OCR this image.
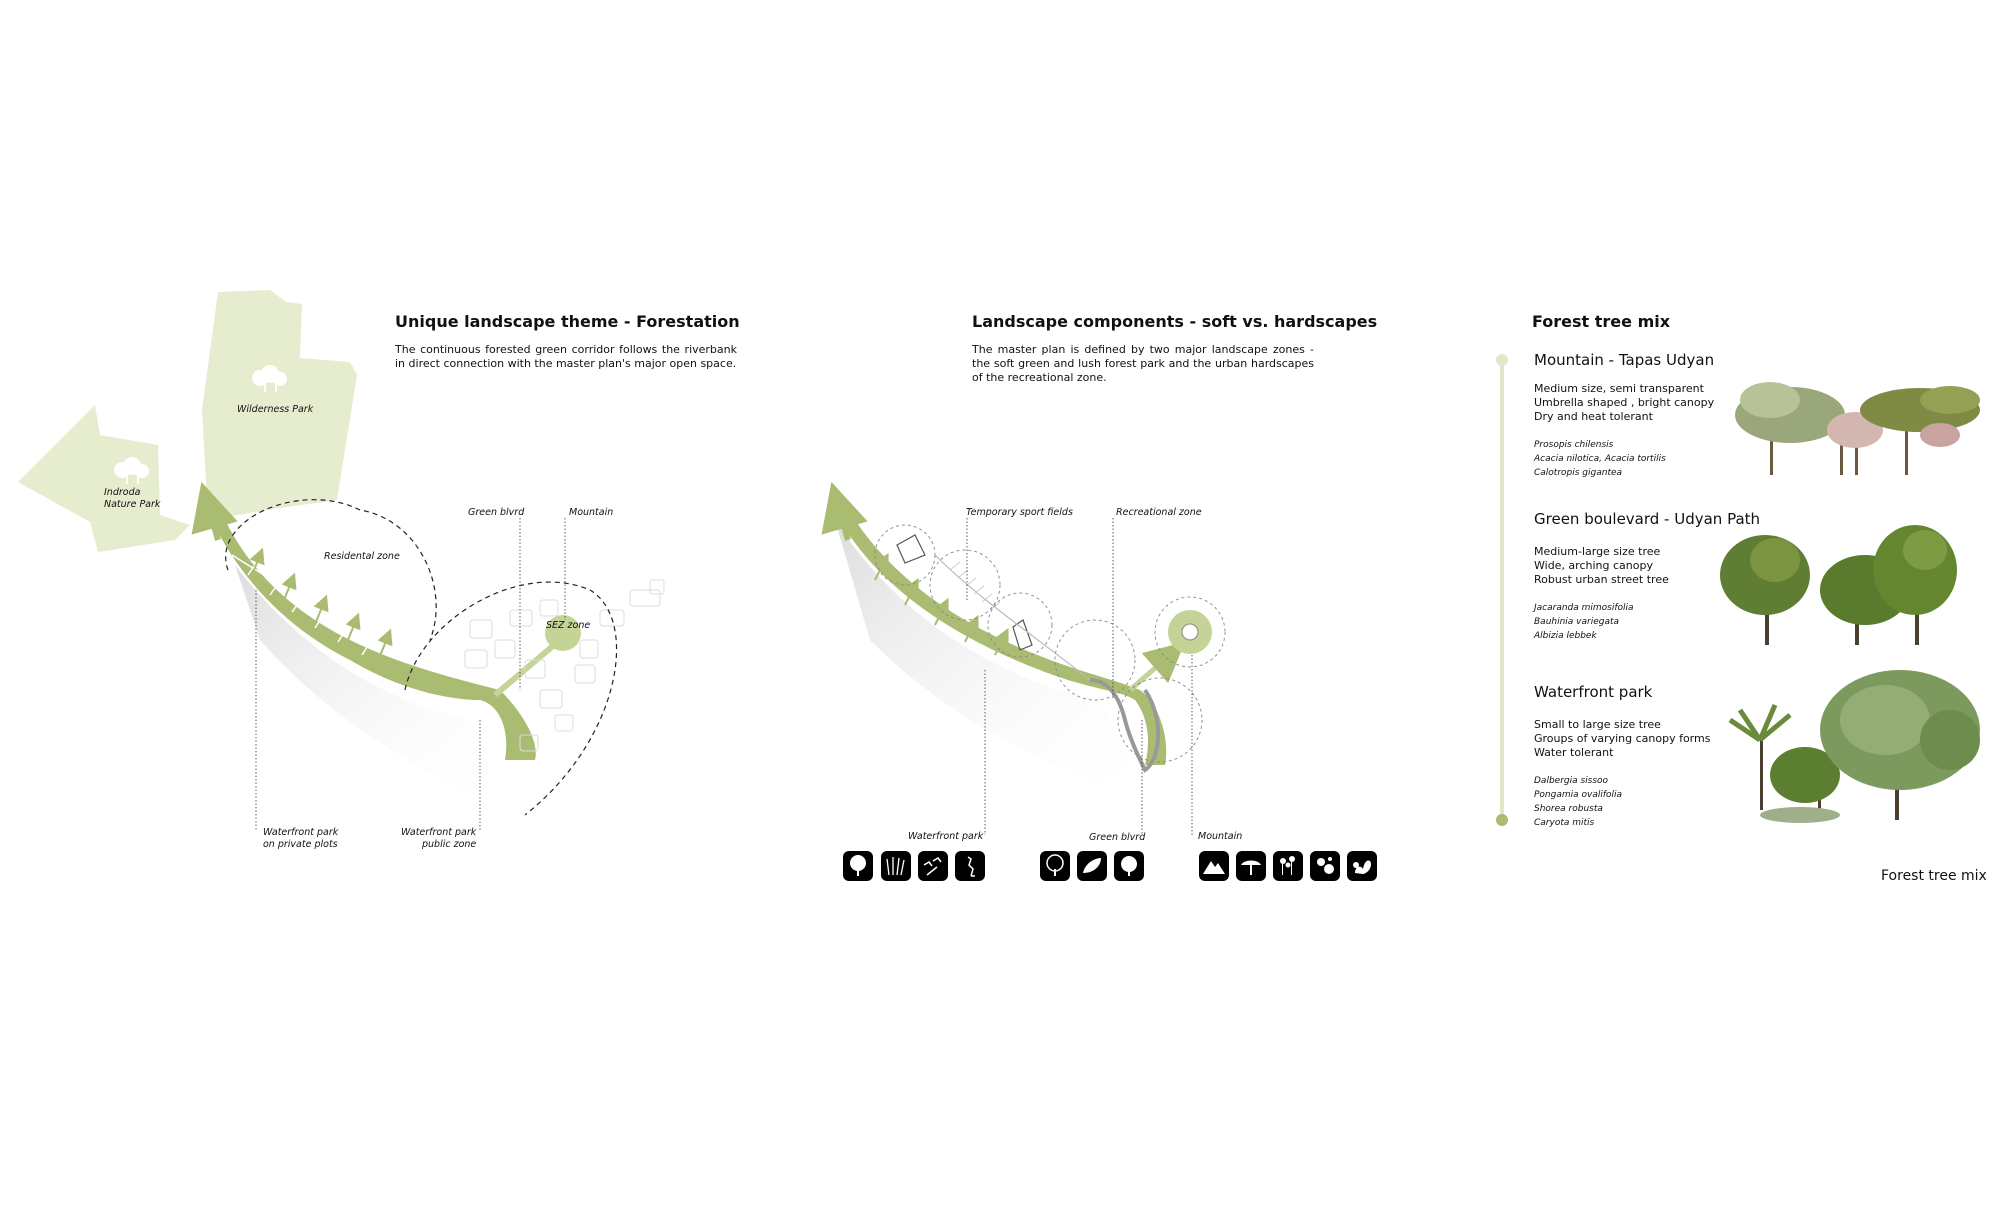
Unique landscape theme - Forestation
The continuous forested green corridor follows the riverbank in direct connection with the master plan's major open space.
Indroda
Nature Park
Wilderness Park
Residental zone
SEZ zone
Green blvrd	Mountain
Waterfront park
on private plots
Waterfront park
public zone
Landscape components - soft vs. hardscapes
The master plan is defined by two major landscape zones - the soft green and lush forest park and the urban hardscapes of the recreational zone.
Temporary sport fields	Recreational zone
Waterfront park	Green blvrd	Mountain
Forest tree mix
Mountain - Tapas Udyan
Medium size, semi transparent
Umbrella shaped , bright canopy
Dry and heat tolerant
Prosopis chilensis
Acacia nilotica, Acacia tortilis
Calotropis gigantea
Green boulevard - Udyan Path
Medium-large size tree
Wide, arching canopy
Robust urban street tree
Jacaranda mimosifolia
Bauhinia variegata
Albizia lebbek
Waterfront park
Small to large size tree
Groups of varying canopy forms
Water tolerant
Dalbergia sissoo
Pongamia ovalifolia
Shorea robusta
Caryota mitis
Forest tree mix
